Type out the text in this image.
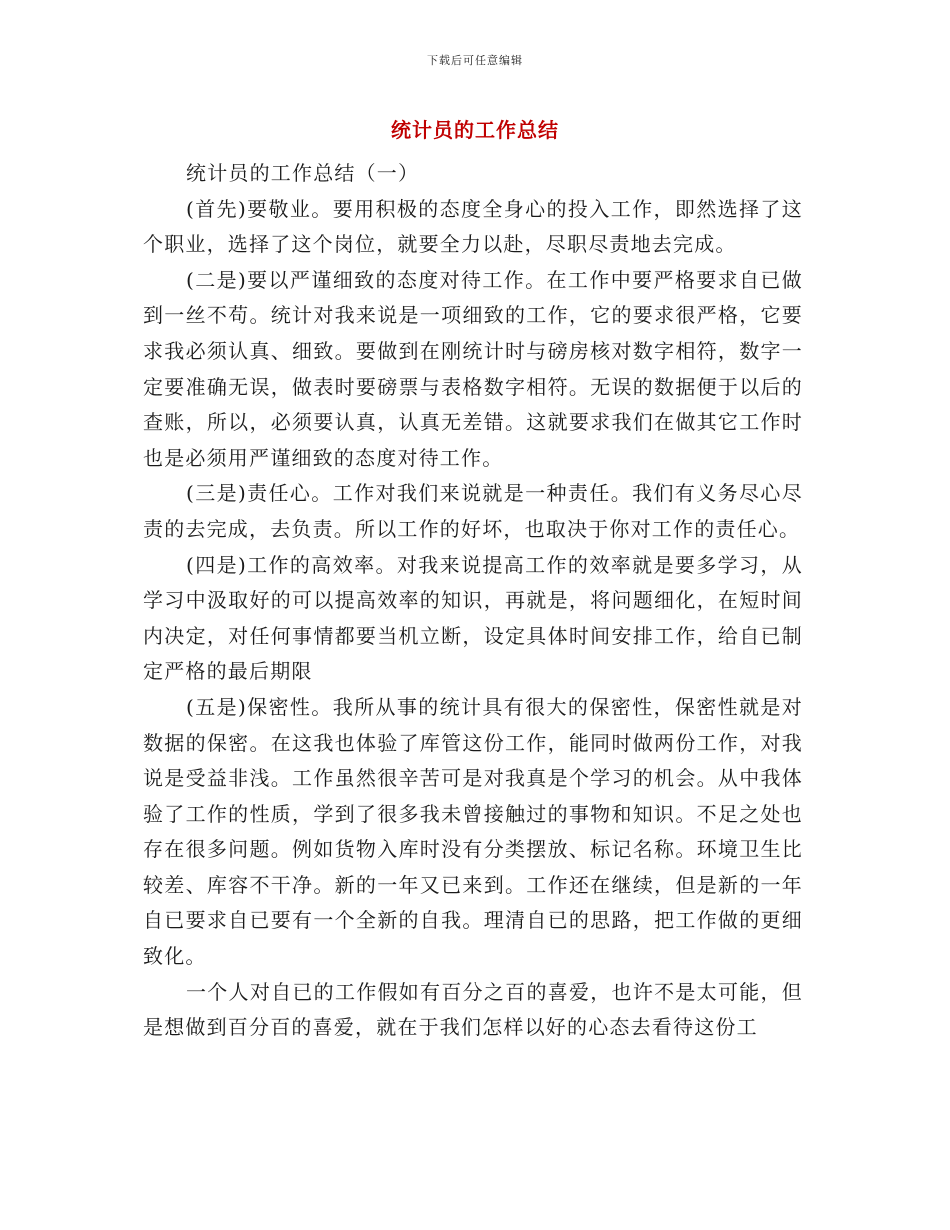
下载后可任意编辑
统计员的工作总结

统计员的工作总结（一）

(首先)要敬业。要用积极的态度全身心的投入工作，即然选择了这个职业，选择了这个岗位，就要全力以赴，尽职尽责地去完成。

(二是)要以严谨细致的态度对待工作。在工作中要严格要求自已做到一丝不苟。统计对我来说是一项细致的工作，它的要求很严格，它要求我必须认真、细致。要做到在刚统计时与磅房核对数字相符，数字一定要准确无误，做表时要磅票与表格数字相符。无误的数据便于以后的查账，所以，必须要认真，认真无差错。这就要求我们在做其它工作时也是必须用严谨细致的态度对待工作。

(三是)责任心。工作对我们来说就是一种责任。我们有义务尽心尽责的去完成，去负责。所以工作的好坏，也取决于你对工作的责任心。

(四是)工作的高效率。对我来说提高工作的效率就是要多学习，从学习中汲取好的可以提高效率的知识，再就是，将问题细化，在短时间内决定，对任何事情都要当机立断，设定具体时间安排工作，给自已制定严格的最后期限

(五是)保密性。我所从事的统计具有很大的保密性，保密性就是对数据的保密。在这我也体验了库管这份工作，能同时做两份工作，对我说是受益非浅。工作虽然很辛苦可是对我真是个学习的机会。从中我体验了工作的性质，学到了很多我未曾接触过的事物和知识。不足之处也存在很多问题。例如货物入库时没有分类摆放、标记名称。环境卫生比较差、库容不干净。新的一年又已来到。工作还在继续，但是新的一年自已要求自已要有一个全新的自我。理清自已的思路，把工作做的更细致化。

一个人对自已的工作假如有百分之百的喜爱，也许不是太可能，但是想做到百分百的喜爱，就在于我们怎样以好的心态去看待这份工
